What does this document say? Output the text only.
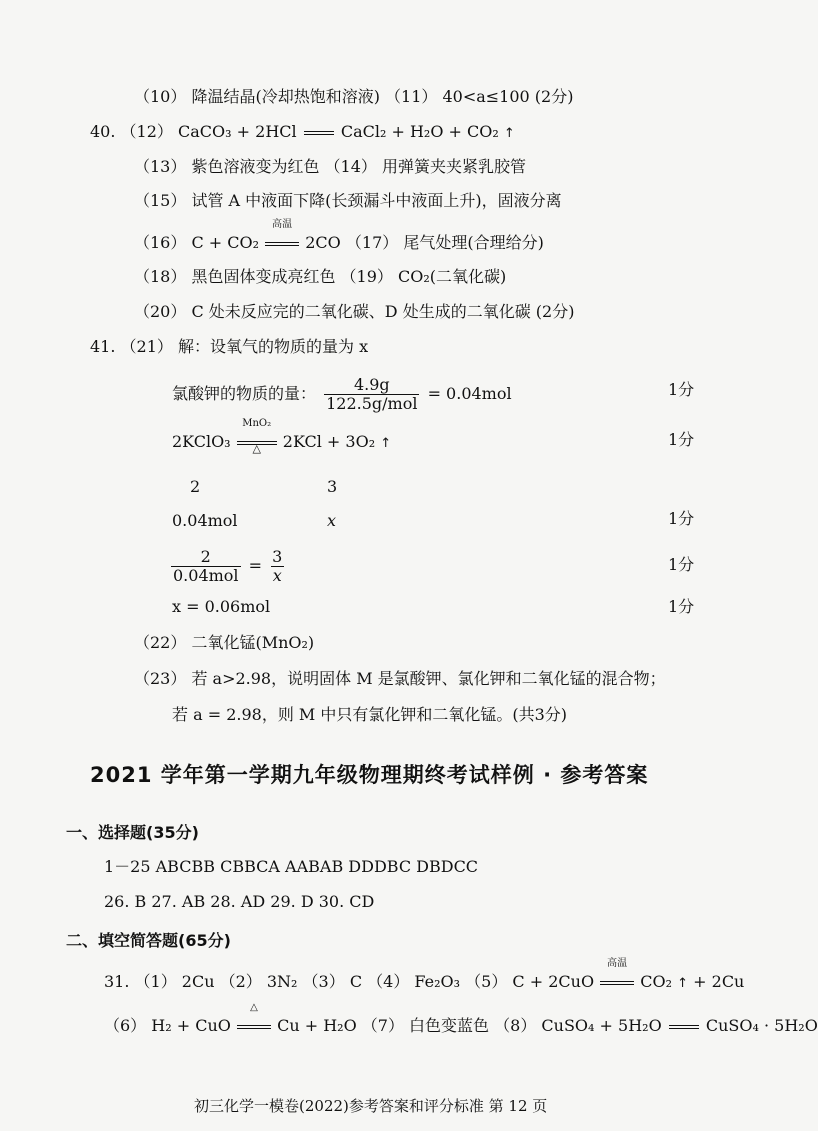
（10） 降温结晶(冷却热饱和溶液) （11） 40<a≤100 (2分)
40. （12） CaCO₃ + 2HCl	CaCl₂ + H₂O + CO₂ ↑
（13） 紫色溶液变为红色 （14） 用弹簧夹夹紧乳胶管
（15） 试管 A 中液面下降(长颈漏斗中液面上升)，固液分离
（16） C + CO₂
高温
2CO （17） 尾气处理(合理给分)
（18） 黑色固体变成亮红色 （19） CO₂(二氧化碳)
（20） C 处未反应完的二氧化碳、D 处生成的二氧化碳 (2分)
41. （21） 解：设氧气的物质的量为 x
氯酸钾的物质的量： $\frac{4.9g}{\text{122.5g/mol}} = 0.04mol$	1分
2KClO₃
MnO₂
△	2KCl + 3O₂ ↑	1分
2	3
0.04mol	x	1分
$\frac{2}{\text{0.04mol}} = \frac{3}{x}$	1分
x = 0.06mol	1分
（22） 二氧化锰(MnO₂)
（23） 若 a>2.98，说明固体 M 是氯酸钾、氯化钾和二氧化锰的混合物；
若 a = 2.98，则 M 中只有氯化钾和二氧化锰。(共3分)
2021 学年第一学期九年级物理期终考试样例 · 参考答案
一、选择题(35分)
1－25 ABCBB CBBCA AABAB DDDBC DBDCC
26. B 27. AB 28. AD 29. D 30. CD
二、填空简答题(65分)
31. （1） 2Cu （2） 3N₂ （3） C （4） Fe₂O₃ （5） C + 2CuO
高温
CO₂ ↑ + 2Cu
（6） H₂ + CuO
△
Cu + H₂O （7） 白色变蓝色 （8） CuSO₄ + 5H₂O	CuSO₄ · 5H₂O
初三化学一模卷(2022)参考答案和评分标准 第 12 页
